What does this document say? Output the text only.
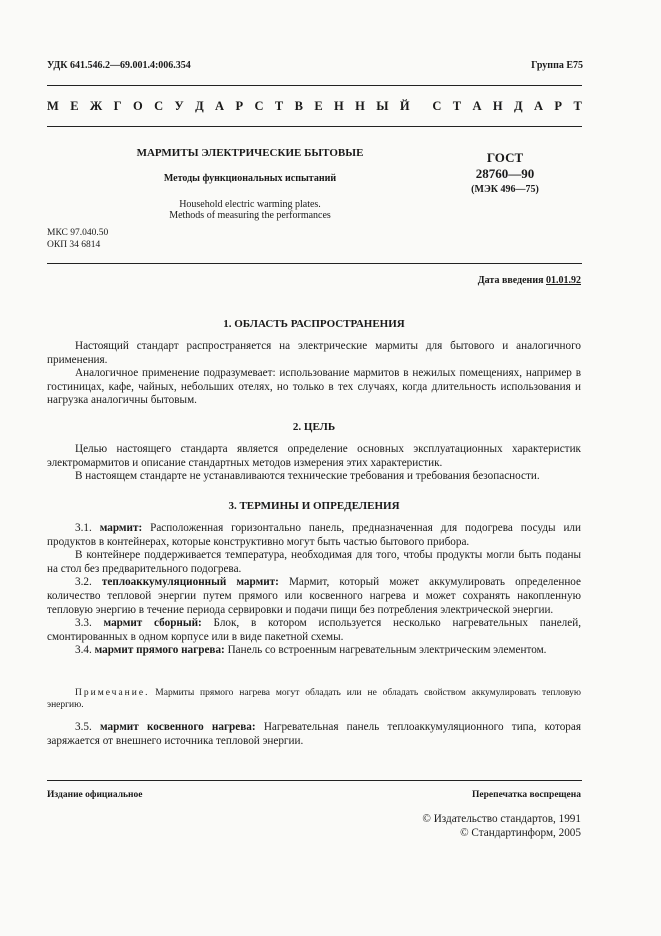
УДК 641.546.2—69.001.4:006.354	Группа Е75
М Е Ж Г О С У Д А Р С Т В Е Н Н Ы Й С Т А Н Д А Р Т
МАРМИТЫ ЭЛЕКТРИЧЕСКИЕ БЫТОВЫЕ
Методы функциональных испытаний
Household electric warming plates.
Methods of measuring the performances
ГОСТ
28760—90
(МЭК 496—75)
МКС 97.040.50
ОКП 34 6814
Дата введения 01.01.92
1. ОБЛАСТЬ РАСПРОСТРАНЕНИЯ

Настоящий стандарт распространяется на электрические мармиты для бытового и аналогичного применения.

Аналогичное применение подразумевает: использование мармитов в нежилых помещениях, например в гостиницах, кафе, чайных, небольших отелях, но только в тех случаях, когда длительность использования и нагрузка аналогичны бытовым.

2. ЦЕЛЬ

Целью настоящего стандарта является определение основных эксплуатационных характеристик электромармитов и описание стандартных методов измерения этих характеристик.

В настоящем стандарте не устанавливаются технические требования и требования безопасности.

3. ТЕРМИНЫ И ОПРЕДЕЛЕНИЯ

3.1. мармит: Расположенная горизонтально панель, предназначенная для подогрева посуды или продуктов в контейнерах, которые конструктивно могут быть частью бытового прибора.

В контейнере поддерживается температура, необходимая для того, чтобы продукты могли быть поданы на стол без предварительного подогрева.

3.2. теплоаккумуляционный мармит: Мармит, который может аккумулировать определенное количество тепловой энергии путем прямого или косвенного нагрева и может сохранять накопленную тепловую энергию в течение периода сервировки и подачи пищи без потребления электрической энергии.

3.3. мармит сборный: Блок, в котором используется несколько нагревательных панелей, смонтированных в одном корпусе или в виде пакетной схемы.

3.4. мармит прямого нагрева: Панель со встроенным нагревательным электрическим элементом.

Примечание. Мармиты прямого нагрева могут обладать или не обладать свойством аккумулировать тепловую энергию.

3.5. мармит косвенного нагрева: Нагревательная панель теплоаккумуляционного типа, которая заряжается от внешнего источника тепловой энергии.

Издание официальное	Перепечатка воспрещена
© Издательство стандартов, 1991
© Стандартинформ, 2005
